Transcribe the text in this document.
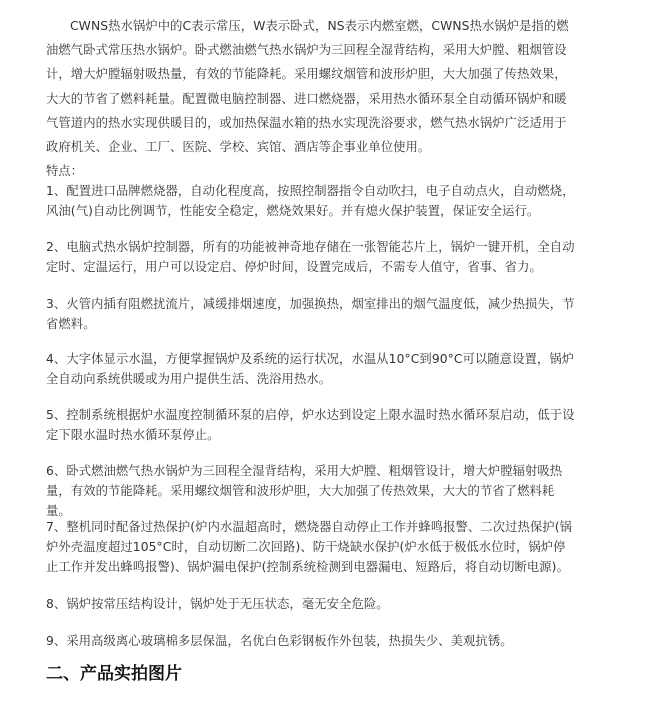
CWNS热水锅炉中的C表示常压，W表示卧式，NS表示内燃室燃，CWNS热水锅炉是指的燃油燃气卧式常压热水锅炉。卧式燃油燃气热水锅炉为三回程全湿背结构，采用大炉膛、粗烟管设计，增大炉膛辐射吸热量，有效的节能降耗。采用螺纹烟管和波形炉胆，大大加强了传热效果，大大的节省了燃料耗量。配置微电脑控制器、进口燃烧器，采用热水循环泵全自动循环锅炉和暖气管道内的热水实现供暖目的，或加热保温水箱的热水实现洗浴要求，燃气热水锅炉广泛适用于政府机关、企业、工厂、医院、学校、宾馆、酒店等企事业单位使用。

特点：
1、配置进口品牌燃烧器，自动化程度高，按照控制器指令自动吹扫，电子自动点火，自动燃烧，风油(气)自动比例调节，性能安全稳定，燃烧效果好。并有熄火保护装置，保证安全运行。
2、电脑式热水锅炉控制器，所有的功能被神奇地存储在一张智能芯片上，锅炉一键开机，全自动定时、定温运行，用户可以设定启、停炉时间，设置完成后，不需专人值守，省事、省力。
3、火管内插有阻燃扰流片，减缓排烟速度，加强换热，烟室排出的烟气温度低，减少热损失，节省燃料。
4、大字体显示水温，方便掌握锅炉及系统的运行状况，水温从10°C到90°C可以随意设置，锅炉全自动向系统供暖或为用户提供生活、洗浴用热水。
5、控制系统根据炉水温度控制循环泵的启停，炉水达到设定上限水温时热水循环泵启动，低于设定下限水温时热水循环泵停止。
6、卧式燃油燃气热水锅炉为三回程全湿背结构，采用大炉膛、粗烟管设计，增大炉膛辐射吸热量，有效的节能降耗。采用螺纹烟管和波形炉胆，大大加强了传热效果，大大的节省了燃料耗量。
7、整机同时配备过热保护(炉内水温超高时，燃烧器自动停止工作并蜂鸣报警、二次过热保护(锅炉外壳温度超过105°C时，自动切断二次回路)、防干烧缺水保护(炉水低于极低水位时，锅炉停止工作并发出蜂鸣报警)、锅炉漏电保护(控制系统检测到电器漏电、短路后，将自动切断电源)。
8、锅炉按常压结构设计，锅炉处于无压状态，毫无安全危险。
9、采用高级离心玻璃棉多层保温，名优白色彩钢板作外包装，热损失少、美观抗锈。
二、产品实拍图片
